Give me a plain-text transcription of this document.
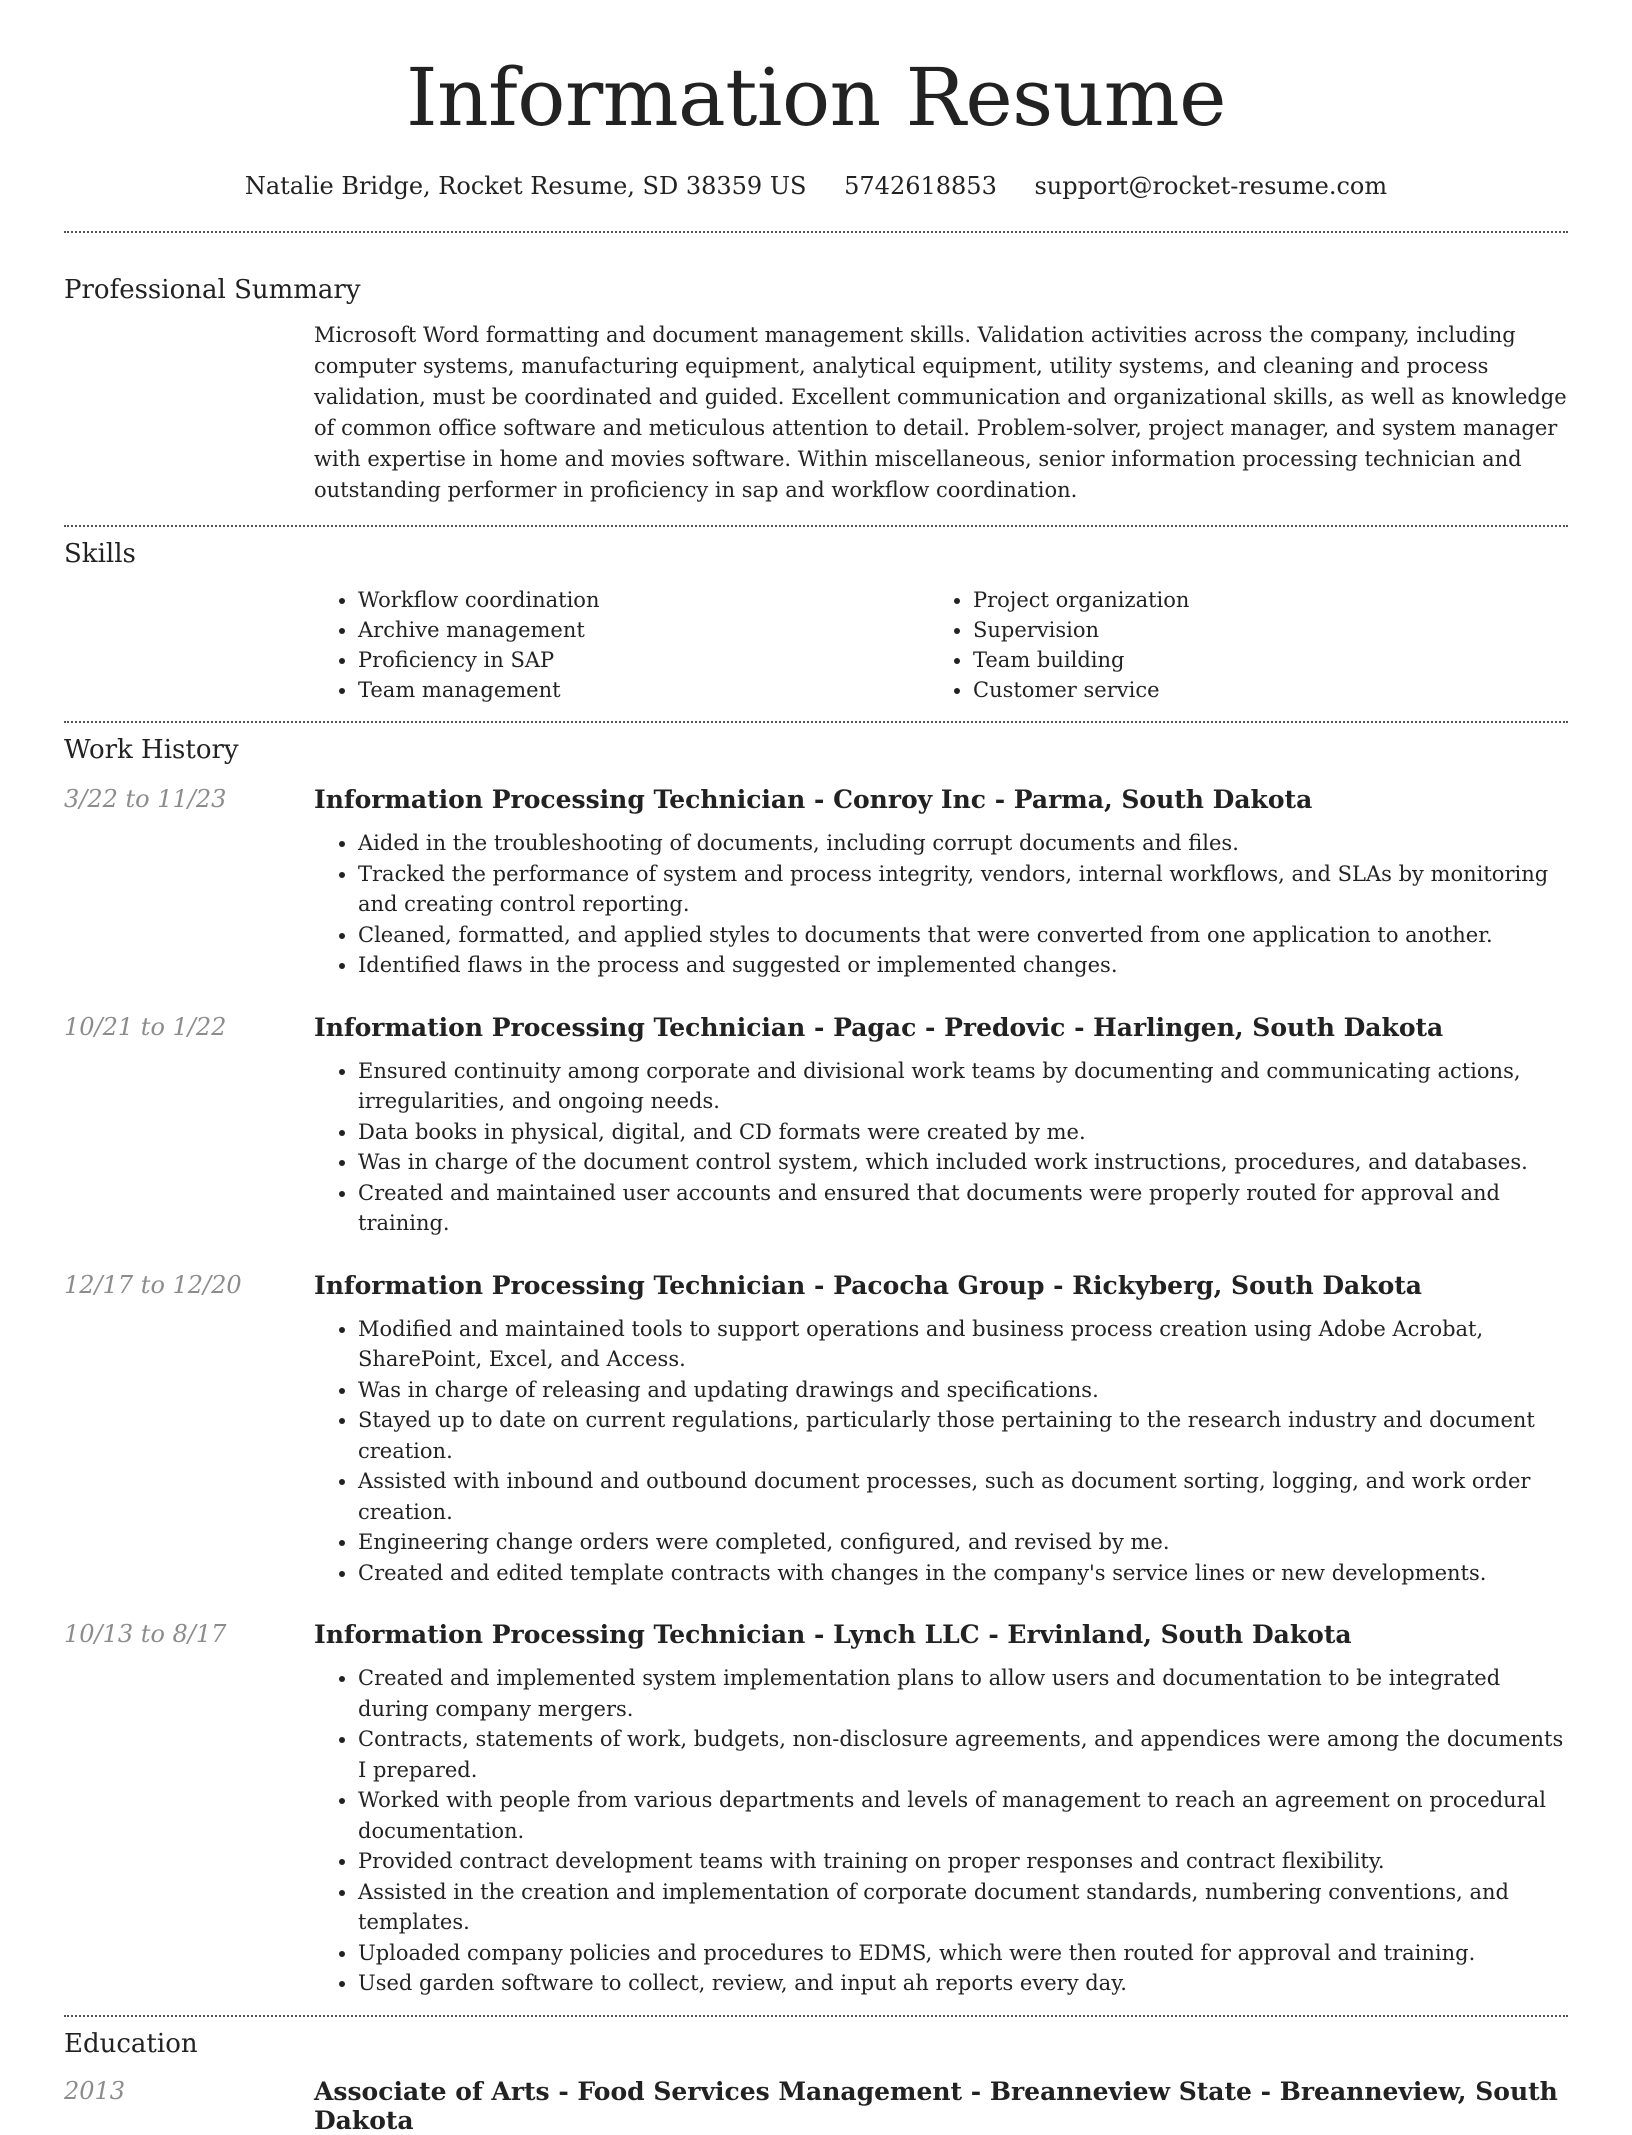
Information Resume
Natalie Bridge, Rocket Resume, SD 38359 US 5742618853 support@rocket-resume.com
Professional Summary

Microsoft Word formatting and document management skills. Validation activities across the company, including computer systems, manufacturing equipment, analytical equipment, utility systems, and cleaning and process validation, must be coordinated and guided. Excellent communication and organizational skills, as well as knowledge of common office software and meticulous attention to detail. Problem-solver, project manager, and system manager with expertise in home and movies software. Within miscellaneous, senior information processing technician and outstanding performer in proficiency in sap and workflow coordination.

Skills
• Workflow coordination
• Archive management
• Proficiency in SAP
• Team management
• Project organization
• Supervision
• Team building
• Customer service
Work History
3/22 to 11/23	Information Processing Technician - Conroy Inc - Parma, South Dakota
• Aided in the troubleshooting of documents, including corrupt documents and files.
• Tracked the performance of system and process integrity, vendors, internal workflows, and SLAs by monitoring and creating control reporting.
• Cleaned, formatted, and applied styles to documents that were converted from one application to another.
• Identified flaws in the process and suggested or implemented changes.
10/21 to 1/22	Information Processing Technician - Pagac - Predovic - Harlingen, South Dakota
• Ensured continuity among corporate and divisional work teams by documenting and communicating actions, irregularities, and ongoing needs.
• Data books in physical, digital, and CD formats were created by me.
• Was in charge of the document control system, which included work instructions, procedures, and databases.
• Created and maintained user accounts and ensured that documents were properly routed for approval and training.
12/17 to 12/20	Information Processing Technician - Pacocha Group - Rickyberg, South Dakota
• Modified and maintained tools to support operations and business process creation using Adobe Acrobat, SharePoint, Excel, and Access.
• Was in charge of releasing and updating drawings and specifications.
• Stayed up to date on current regulations, particularly those pertaining to the research industry and document creation.
• Assisted with inbound and outbound document processes, such as document sorting, logging, and work order creation.
• Engineering change orders were completed, configured, and revised by me.
• Created and edited template contracts with changes in the company's service lines or new developments.
10/13 to 8/17	Information Processing Technician - Lynch LLC - Ervinland, South Dakota
• Created and implemented system implementation plans to allow users and documentation to be integrated during company mergers.
• Contracts, statements of work, budgets, non-disclosure agreements, and appendices were among the documents I prepared.
• Worked with people from various departments and levels of management to reach an agreement on procedural documentation.
• Provided contract development teams with training on proper responses and contract flexibility.
• Assisted in the creation and implementation of corporate document standards, numbering conventions, and templates.
• Uploaded company policies and procedures to EDMS, which were then routed for approval and training.
• Used garden software to collect, review, and input ah reports every day.
Education
2013	Associate of Arts - Food Services Management - Breanneview State - Breanneview, South Dakota
